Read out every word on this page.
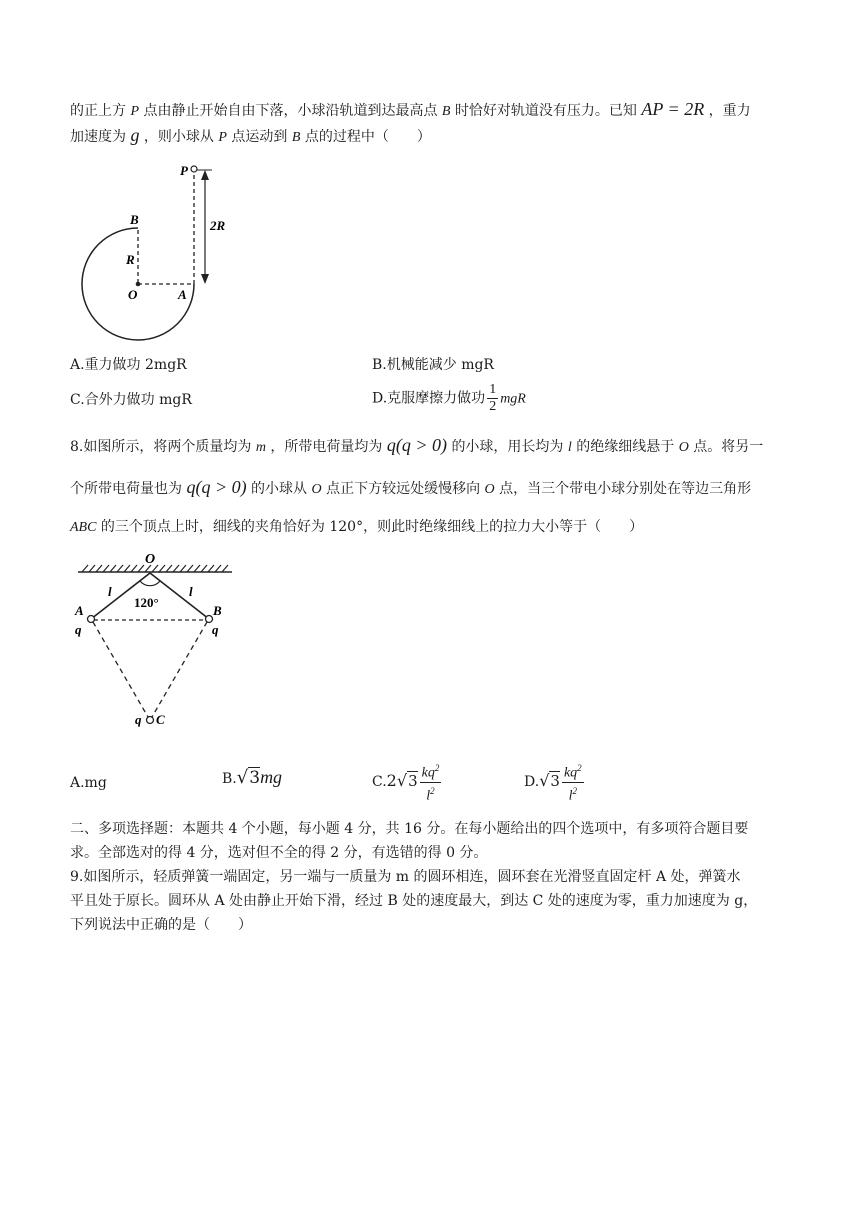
的正上方 P 点由静止开始自由下落，小球沿轨道到达最高点 B 时恰好对轨道没有压力。已知 AP = 2R ，重力
加速度为 g ，则小球从 P 点运动到 B 点的过程中（　　）
P
B
R
O	A
2R
A.重力做功 2mgR	B.机械能减少 mgR
C.合外力做功 mgR	D.克服摩擦力做功 $\frac{1}{2}$ mgR
8.如图所示，将两个质量均为 m ，所带电荷量均为 q(q > 0) 的小球，用长均为 l 的绝缘细线悬于 O 点。将另一
个所带电荷量也为 q(q > 0) 的小球从 O 点正下方较远处缓慢移向 O 点，当三个带电小球分别处在等边三角形
ABC 的三个顶点上时，细线的夹角恰好为 120°，则此时绝缘细线上的拉力大小等于（　　）
O
l	l
120°
A
q
B
q
q C
A.mg	B.√3mg	$C.2√3 \frac{kq^2}{l^2}$	$D.√3 \frac{kq^2}{l^2}$
二、多项选择题：本题共 4 个小题，每小题 4 分，共 16 分。在每小题给出的四个选项中，有多项符合题目要
求。全部选对的得 4 分，选对但不全的得 2 分，有选错的得 0 分。
9.如图所示，轻质弹簧一端固定，另一端与一质量为 m 的圆环相连，圆环套在光滑竖直固定杆 A 处，弹簧水
平且处于原长。圆环从 A 处由静止开始下滑，经过 B 处的速度最大，到达 C 处的速度为零，重力加速度为 g，
下列说法中正确的是（　　）
